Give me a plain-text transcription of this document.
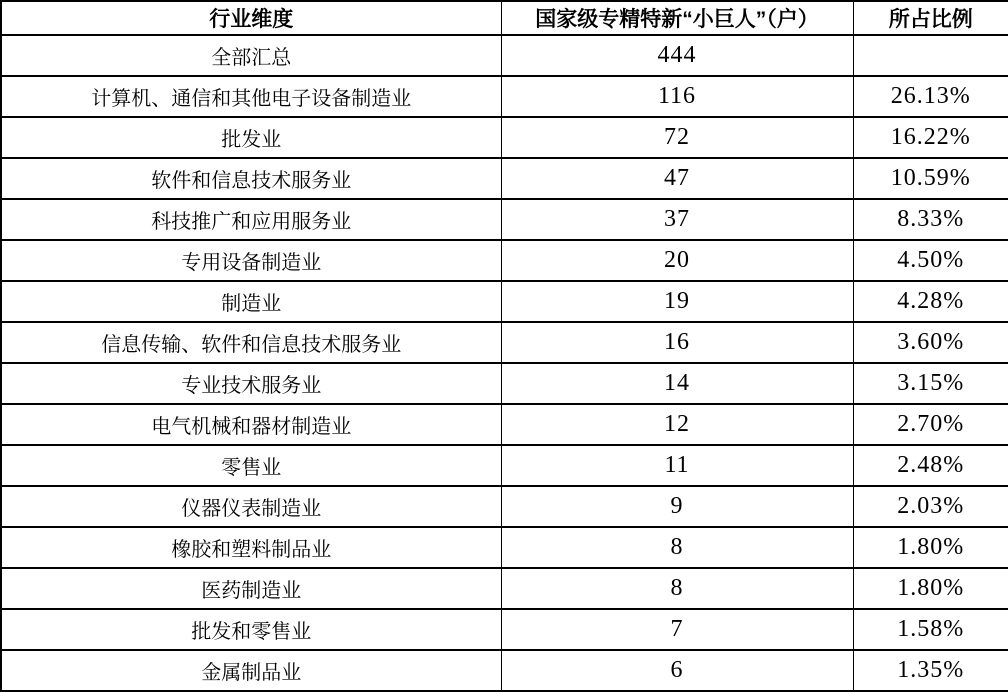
行业维度	国家级专精特新“小巨人”（户）	所占比例
全部汇总	444	
计算机、通信和其他电子设备制造业	116	26.13%
批发业	72	16.22%
软件和信息技术服务业	47	10.59%
科技推广和应用服务业	37	8.33%
专用设备制造业	20	4.50%
制造业	19	4.28%
信息传输、软件和信息技术服务业	16	3.60%
专业技术服务业	14	3.15%
电气机械和器材制造业	12	2.70%
零售业	11	2.48%
仪器仪表制造业	9	2.03%
橡胶和塑料制品业	8	1.80%
医药制造业	8	1.80%
批发和零售业	7	1.58%
金属制品业	6	1.35%
